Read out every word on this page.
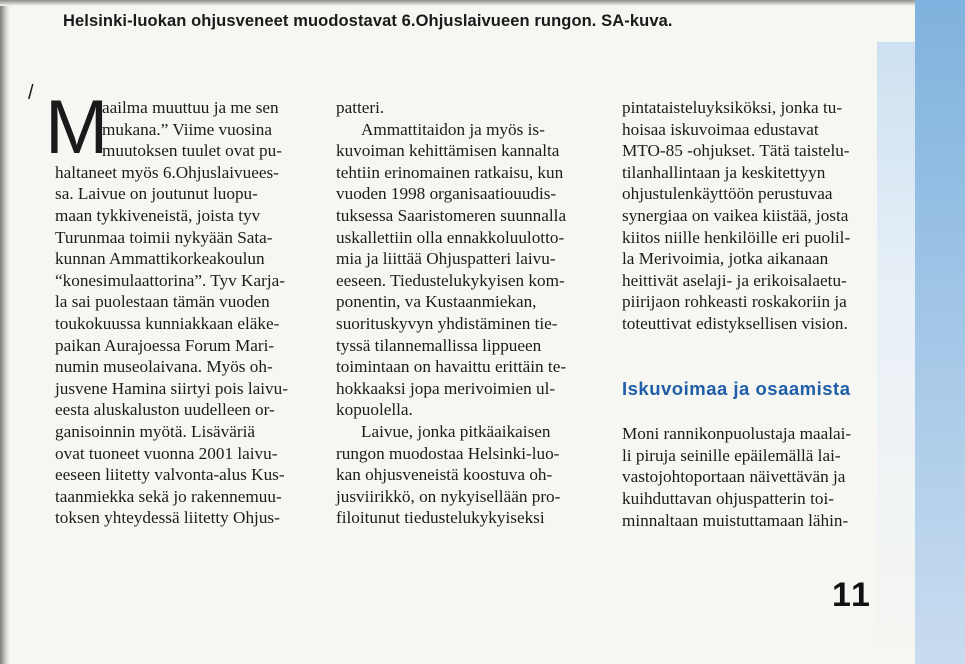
Helsinki-luokan ohjusveneet muodostavat 6.Ohjuslaivueen rungon. SA-kuva.

/ M

aailma muuttuu ja me sen
mukana.” Viime vuosina
muutoksen tuulet ovat pu-
haltaneet myös 6.Ohjuslaivuees-
sa. Laivue on joutunut luopu-
maan tykkiveneistä, joista tyv
Turunmaa toimii nykyään Sata-
kunnan Ammattikorkeakoulun
“konesimulaattorina”. Tyv Karja-
la sai puolestaan tämän vuoden
toukokuussa kunniakkaan eläke-
paikan Aurajoessa Forum Mari-
numin museolaivana. Myös oh-
jusvene Hamina siirtyi pois laivu-
eesta aluskaluston uudelleen or-
ganisoinnin myötä. Lisäväriä
ovat tuoneet vuonna 2001 laivu-
eeseen liitetty valvonta-alus Kus-
taanmiekka sekä jo rakennemuu-
toksen yhteydessä liitetty Ohjus-

patteri.

Ammattitaidon ja myös is-
kuvoiman kehittämisen kannalta
tehtiin erinomainen ratkaisu, kun
vuoden 1998 organisaatiouudis-
tuksessa Saaristomeren suunnalla
uskallettiin olla ennakkoluulotto-
mia ja liittää Ohjuspatteri laivu-
eeseen. Tiedustelukykyisen kom-
ponentin, va Kustaanmiekan,
suorituskyvyn yhdistäminen tie-
tyssä tilannemallissa lippueen
toimintaan on havaittu erittäin te-
hokkaaksi jopa merivoimien ul-
kopuolella.

Laivue, jonka pitkäaikaisen
rungon muodostaa Helsinki-luo-
kan ohjusveneistä koostuva oh-
jusviirikkö, on nykyisellään pro-
filoitunut tiedustelukykyiseksi

pintataisteluyksiköksi, jonka tu-
hoisaa iskuvoimaa edustavat
MTO-85 -ohjukset. Tätä taistelu-
tilanhallintaan ja keskitettyyn
ohjustulenkäyttöön perustuvaa
synergiaa on vaikea kiistää, josta
kiitos niille henkilöille eri puolil-
la Merivoimia, jotka aikanaan
heittivät aselaji- ja erikoisalaetu-
piirijaon rohkeasti roskakoriin ja
toteuttivat edistyksellisen vision.

Iskuvoimaa ja osaamista

Moni rannikonpuolustaja maalai-
li piruja seinille epäilemällä lai-
vastojohtoportaan näivettävän ja
kuihduttavan ohjuspatterin toi-
minnaltaan muistuttamaan lähin-

11
